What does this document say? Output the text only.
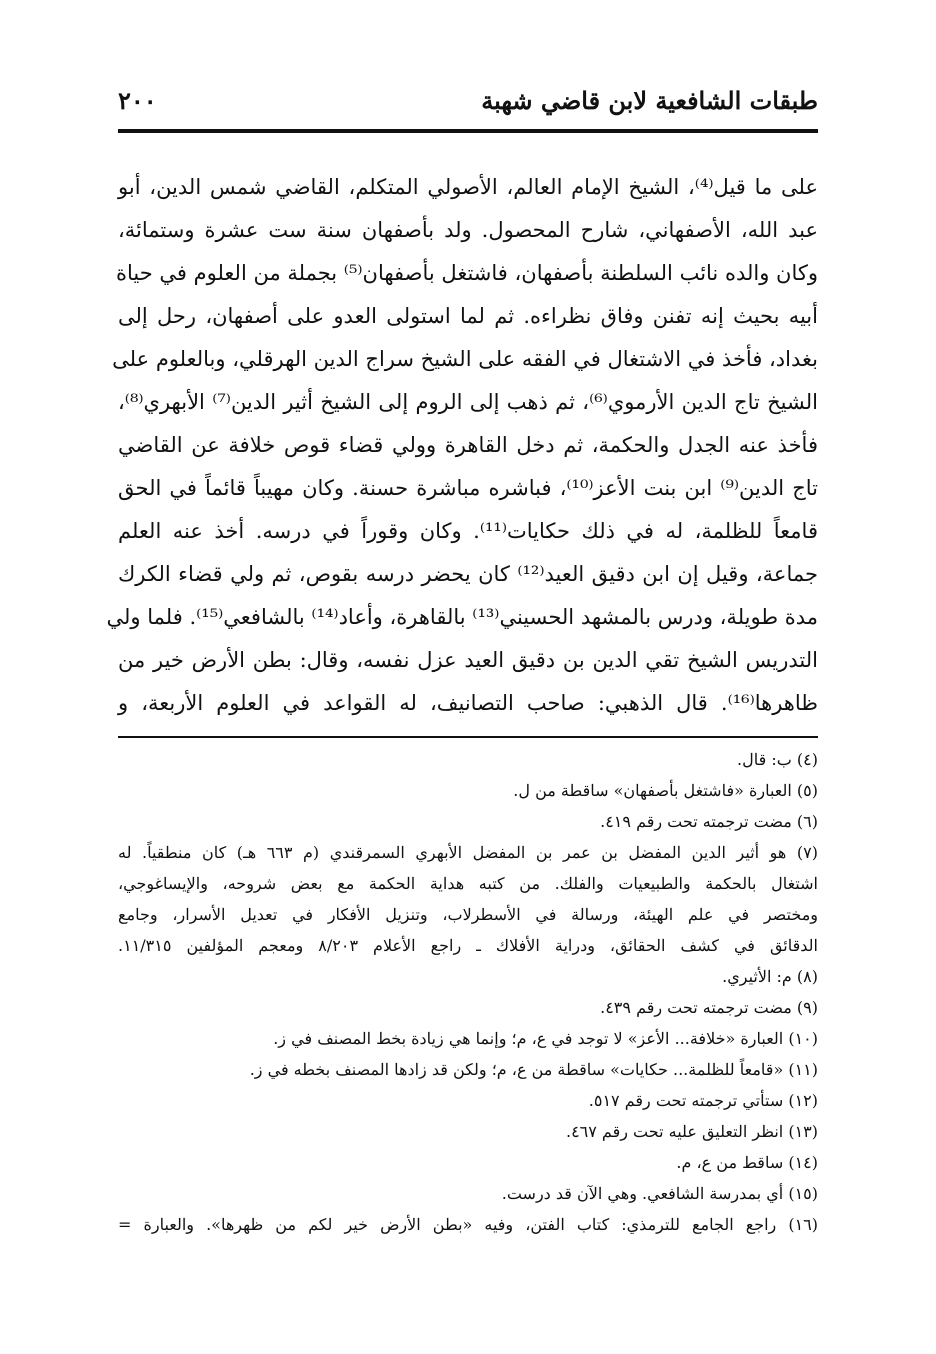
طبقات الشافعية لابن قاضي شهبة
٢٠٠
على ما قيل⁽⁴⁾، الشيخ الإمام العالم، الأصولي المتكلم، القاضي شمس الدين، أبو
عبد الله، الأصفهاني، شارح المحصول. ولد بأصفهان سنة ست عشرة وستمائة،
وكان والده نائب السلطنة بأصفهان، فاشتغل بأصفهان⁽⁵⁾ بجملة من العلوم في حياة
أبيه بحيث إنه تفنن وفاق نظراءه. ثم لما استولى العدو على أصفهان، رحل إلى
بغداد، فأخذ في الاشتغال في الفقه على الشيخ سراج الدين الهرقلي، وبالعلوم على
الشيخ تاج الدين الأرموي⁽⁶⁾، ثم ذهب إلى الروم إلى الشيخ أثير الدين⁽⁷⁾ الأبهري⁽⁸⁾،
فأخذ عنه الجدل والحكمة، ثم دخل القاهرة وولي قضاء قوص خلافة عن القاضي
تاج الدين⁽⁹⁾ ابن بنت الأعز⁽¹⁰⁾، فباشره مباشرة حسنة. وكان مهيباً قائماً في الحق
قامعاً للظلمة، له في ذلك حكايات⁽¹¹⁾. وكان وقوراً في درسه. أخذ عنه العلم
جماعة، وقيل إن ابن دقيق العيد⁽¹²⁾ كان يحضر درسه بقوص، ثم ولي قضاء الكرك
مدة طويلة، ودرس بالمشهد الحسيني⁽¹³⁾ بالقاهرة، وأعاد⁽¹⁴⁾ بالشافعي⁽¹⁵⁾. فلما ولي
التدريس الشيخ تقي الدين بن دقيق العيد عزل نفسه، وقال: بطن الأرض خير من
ظاهرها⁽¹⁶⁾. قال الذهبي: صاحب التصانيف، له القواعد في العلوم الأربعة، و
(٤) ب: قال.
(٥) العبارة «فاشتغل بأصفهان» ساقطة من ل.
(٦) مضت ترجمته تحت رقم ٤١٩.
(٧) هو أثير الدين المفضل بن عمر بن المفضل الأبهري السمرقندي (م ٦٦٣ هـ) كان منطقياً. له
اشتغال بالحكمة والطبيعيات والفلك. من كتبه هداية الحكمة مع بعض شروحه، والإيساغوجي،
ومختصر في علم الهيئة، ورسالة في الأسطرلاب، وتنزيل الأفكار في تعديل الأسرار، وجامع
الدقائق في كشف الحقائق، ودراية الأفلاك ـ راجع الأعلام ٨/٢٠٣ ومعجم المؤلفين ١١/٣١٥.
(٨) م: الأثيري.
(٩) مضت ترجمته تحت رقم ٤٣٩.
(١٠) العبارة «خلافة... الأعز» لا توجد في ع، م؛ وإنما هي زيادة بخط المصنف في ز.
(١١) «قامعاً للظلمة... حكايات» ساقطة من ع، م؛ ولكن قد زادها المصنف بخطه في ز.
(١٢) ستأتي ترجمته تحت رقم ٥١٧.
(١٣) انظر التعليق عليه تحت رقم ٤٦٧.
(١٤) ساقط من ع، م.
(١٥) أي بمدرسة الشافعي. وهي الآن قد درست.
(١٦) راجع الجامع للترمذي: كتاب الفتن، وفيه «بطن الأرض خير لكم من ظهرها». والعبارة =
